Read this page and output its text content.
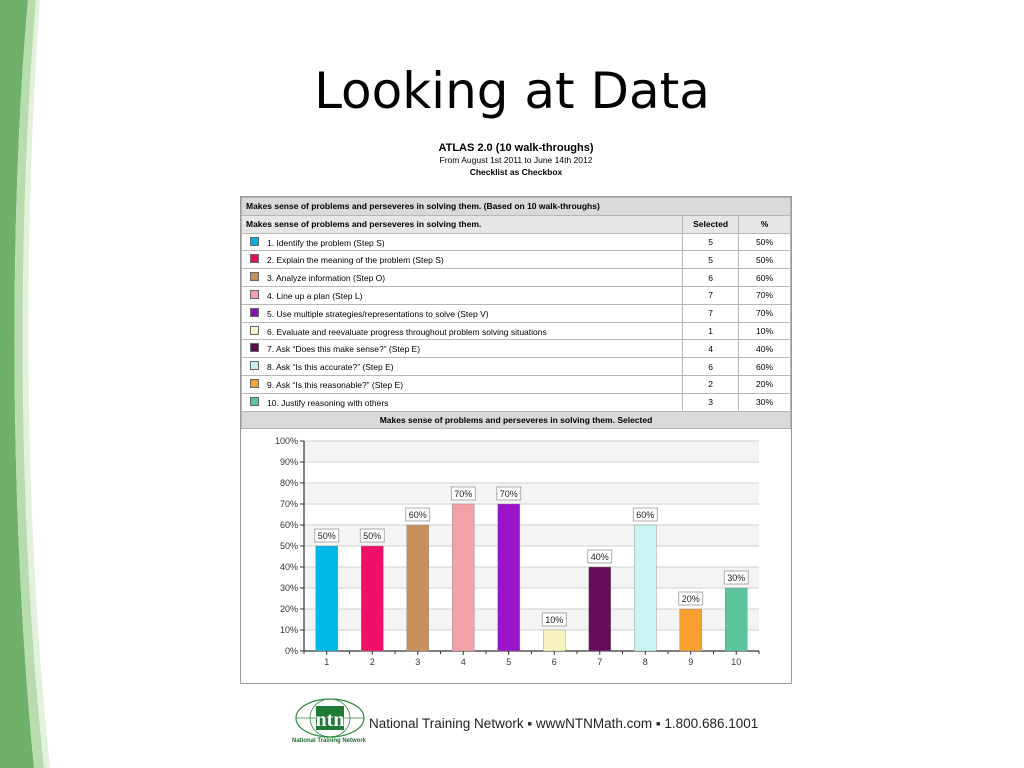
Looking at Data
ATLAS 2.0 (10 walk-throughs)
From August 1st 2011 to June 14th 2012
Checklist as Checkbox
Makes sense of problems and perseveres in solving them. (Based on 10 walk-throughs)		
Makes sense of problems and perseveres in solving them.	Selected	%
1. Identify the problem (Step S)	5	50%
2. Explain the meaning of the problem (Step S)	5	50%
3. Analyze information (Step O)	6	60%
4. Line up a plan (Step L)	7	70%
5. Use multiple strategies/representations to solve (Step V)	7	70%
6. Evaluate and reevaluate progress throughout problem solving situations	1	10%
7. Ask “Does this make sense?” (Step E)	4	40%
8. Ask “Is this accurate?” (Step E)	6	60%
9. Ask “Is this reasonable?” (Step E)	2	20%
10. Justify reasoning with others	3	30%
Makes sense of problems and perseveres in solving them. Selected		
0%
10%
20%
30%
40%
50%
60%
70%
80%
90%
100%
50%
1
50%
2
60%
3
70%
4
70%
5
10%
6
40%
7
60%
8
20%
9
30%
10
ntn
National Training Network
National Training Network ▪ wwwNTNMath.com ▪ 1.800.686.1001
